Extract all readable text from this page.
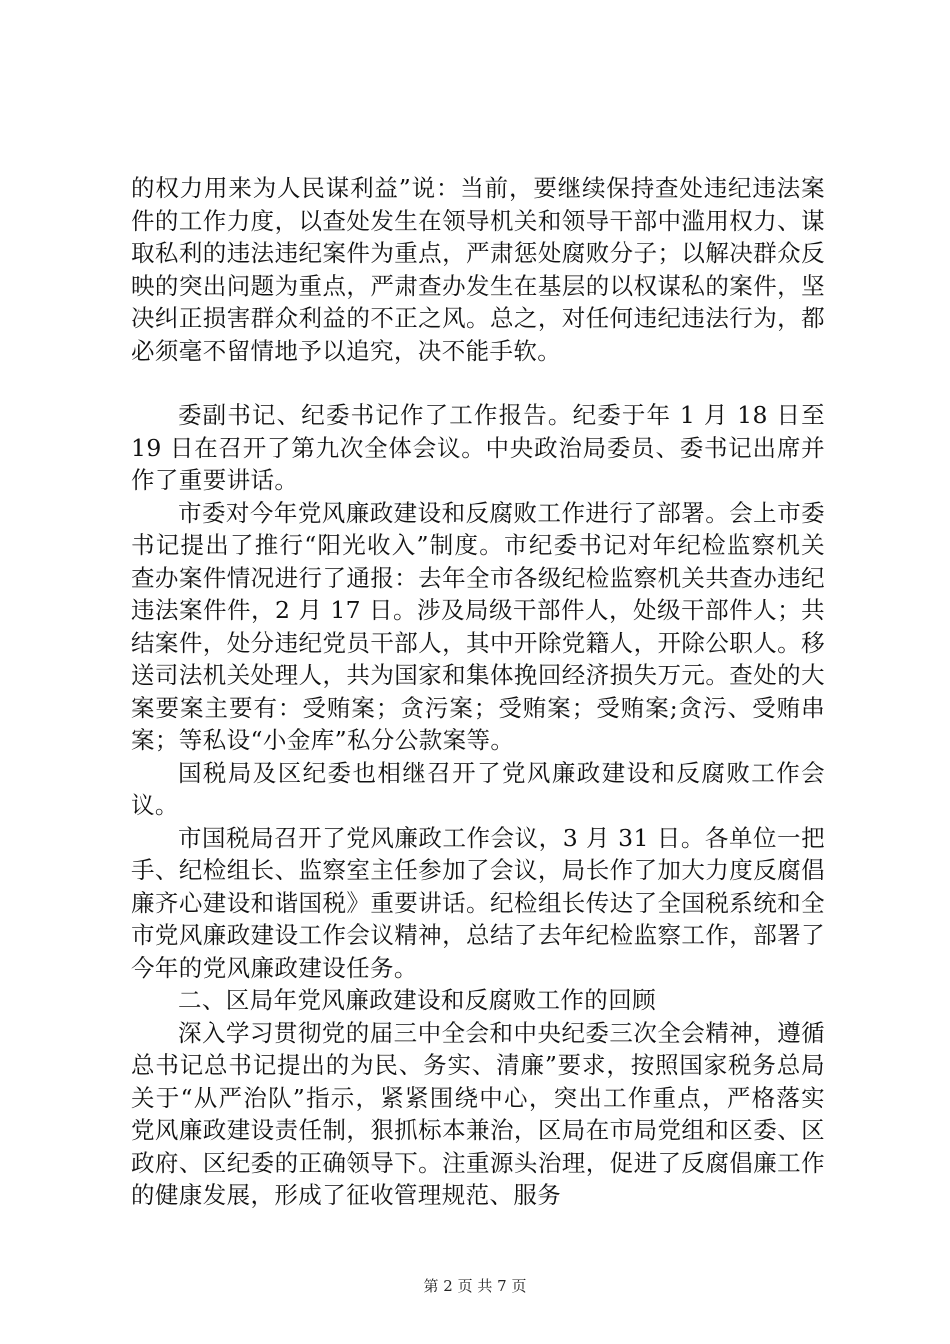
的权力用来为人民谋利益”说：当前，要继续保持查处违纪违法案件的工作力度，以查处发生在领导机关和领导干部中滥用权力、谋取私利的违法违纪案件为重点，严肃惩处腐败分子；以解决群众反映的突出问题为重点，严肃查办发生在基层的以权谋私的案件，坚决纠正损害群众利益的不正之风。总之，对任何违纪违法行为，都必须毫不留情地予以追究，决不能手软。

委副书记、纪委书记作了工作报告。纪委于年 1 月 18 日至 19 日在召开了第九次全体会议。中央政治局委员、委书记出席并作了重要讲话。

市委对今年党风廉政建设和反腐败工作进行了部署。会上市委书记提出了推行“阳光收入”制度。市纪委书记对年纪检监察机关查办案件情况进行了通报：去年全市各级纪检监察机关共查办违纪违法案件件，2 月 17 日。涉及局级干部件人，处级干部件人；共结案件，处分违纪党员干部人，其中开除党籍人，开除公职人。移送司法机关处理人，共为国家和集体挽回经济损失万元。查处的大案要案主要有：受贿案；贪污案；受贿案；受贿案;贪污、受贿串案；等私设“小金库”私分公款案等。

国税局及区纪委也相继召开了党风廉政建设和反腐败工作会议。

市国税局召开了党风廉政工作会议，3 月 31 日。各单位一把手、纪检组长、监察室主任参加了会议，局长作了加大力度反腐倡廉齐心建设和谐国税》重要讲话。纪检组长传达了全国税系统和全市党风廉政建设工作会议精神，总结了去年纪检监察工作，部署了今年的党风廉政建设任务。

二、区局年党风廉政建设和反腐败工作的回顾

深入学习贯彻党的届三中全会和中央纪委三次全会精神，遵循总书记总书记提出的为民、务实、清廉”要求，按照国家税务总局关于“从严治队”指示，紧紧围绕中心，突出工作重点，严格落实党风廉政建设责任制，狠抓标本兼治，区局在市局党组和区委、区政府、区纪委的正确领导下。注重源头治理，促进了反腐倡廉工作的健康发展，形成了征收管理规范、服务

第 2 页 共 7 页
